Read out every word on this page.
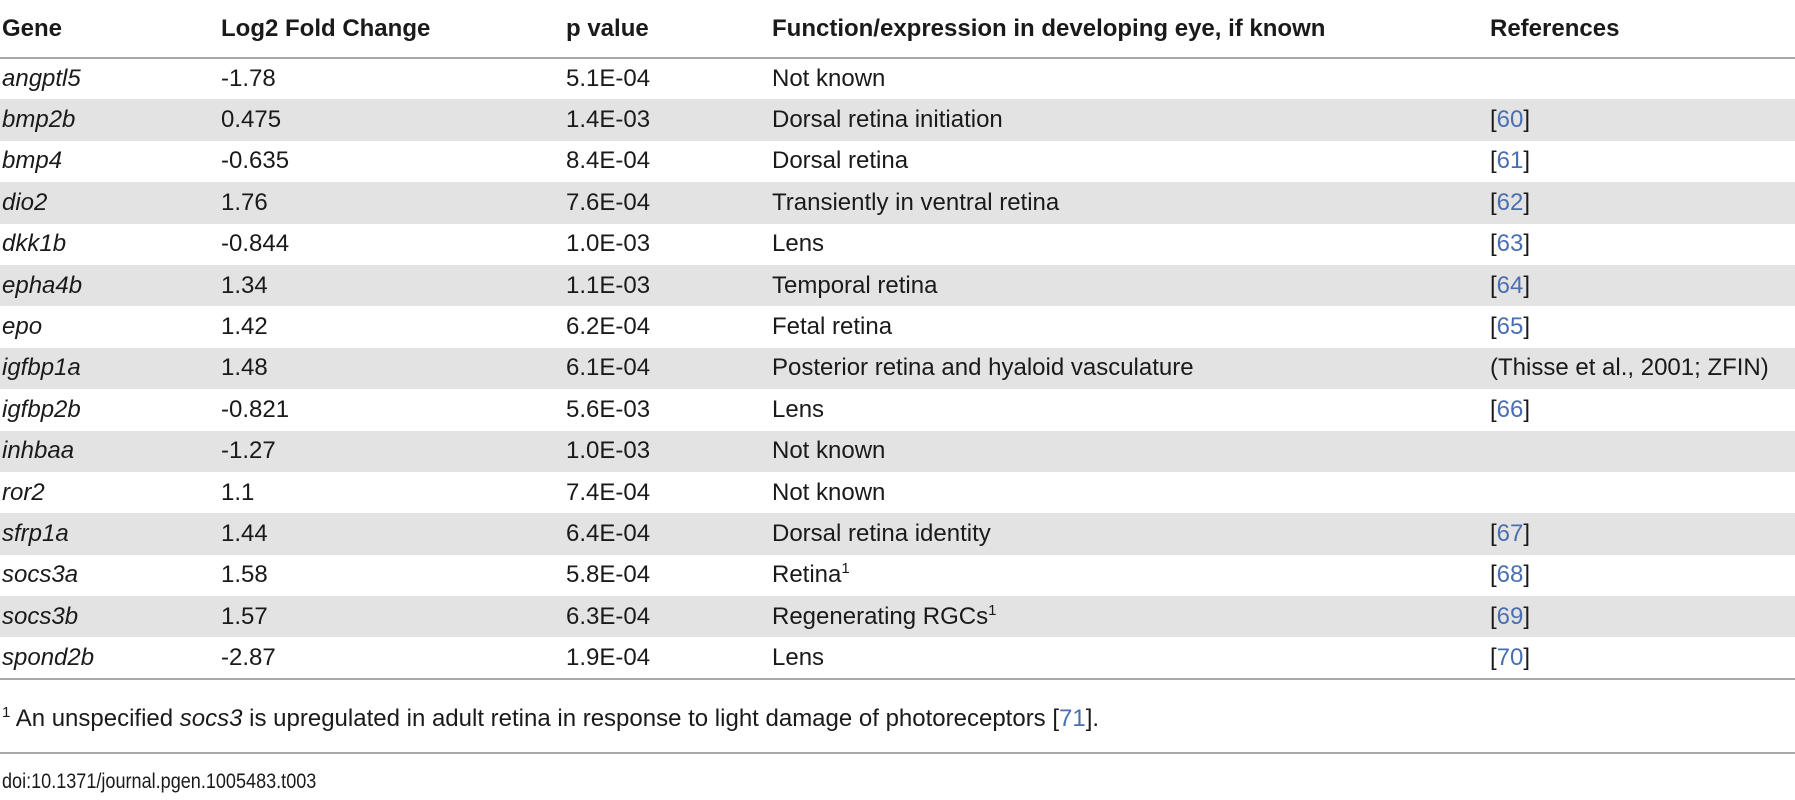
Gene	Log2 Fold Change	p value	Function/expression in developing eye, if known	References
angptl5	-1.78	5.1E-04	Not known	
bmp2b	0.475	1.4E-03	Dorsal retina initiation	[60]
bmp4	-0.635	8.4E-04	Dorsal retina	[61]
dio2	1.76	7.6E-04	Transiently in ventral retina	[62]
dkk1b	-0.844	1.0E-03	Lens	[63]
epha4b	1.34	1.1E-03	Temporal retina	[64]
epo	1.42	6.2E-04	Fetal retina	[65]
igfbp1a	1.48	6.1E-04	Posterior retina and hyaloid vasculature	(Thisse et al., 2001; ZFIN)
igfbp2b	-0.821	5.6E-03	Lens	[66]
inhbaa	-1.27	1.0E-03	Not known	
ror2	1.1	7.4E-04	Not known	
sfrp1a	1.44	6.4E-04	Dorsal retina identity	[67]
socs3a	1.58	5.8E-04	Retina$^1$	[68]
socs3b	1.57	6.3E-04	Regenerating RGCs$^1$	[69]
spond2b	-2.87	1.9E-04	Lens	[70]
$^1$ An unspecified socs3 is upregulated in adult retina in response to light damage of photoreceptors [71].
doi:10.1371/journal.pgen.1005483.t003
